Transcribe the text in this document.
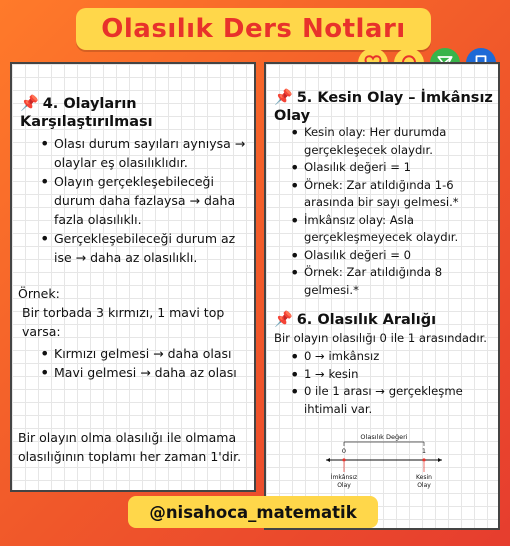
Olasılık Ders Notları
📌 4. Olayların Karşılaştırılması
• Olası durum sayıları aynıysa → olaylar eş olasılıklıdır.
• Olayın gerçekleşebileceği durum daha fazlaysa → daha fazla olasılıklı.
• Gerçekleşebileceği durum az ise → daha az olasılıklı.
Örnek:
Bir torbada 3 kırmızı, 1 mavi top varsa:
• Kırmızı gelmesi → daha olası
• Mavi gelmesi → daha az olası
Bir olayın olma olasılığı ile olmama olasılığının toplamı her zaman 1'dir.
📌 5. Kesin Olay – İmkânsız Olay
• Kesin olay: Her durumda gerçekleşecek olaydır.
• Olasılık değeri = 1
• Örnek: Zar atıldığında 1-6 arasında bir sayı gelmesi.*
• İmkânsız olay: Asla gerçekleşmeyecek olaydır.
• Olasılık değeri = 0
• Örnek: Zar atıldığında 8 gelmesi.*
📌 6. Olasılık Aralığı
Bir olayın olasılığı 0 ile 1 arasındadır.
• 0 → imkânsız
• 1 → kesin
• 0 ile 1 arası → gerçekleşme ihtimali var.
Olasılık Değeri
0	1
İmkânsız
Olay
Kesin
Olay
@nisahoca_matematik
